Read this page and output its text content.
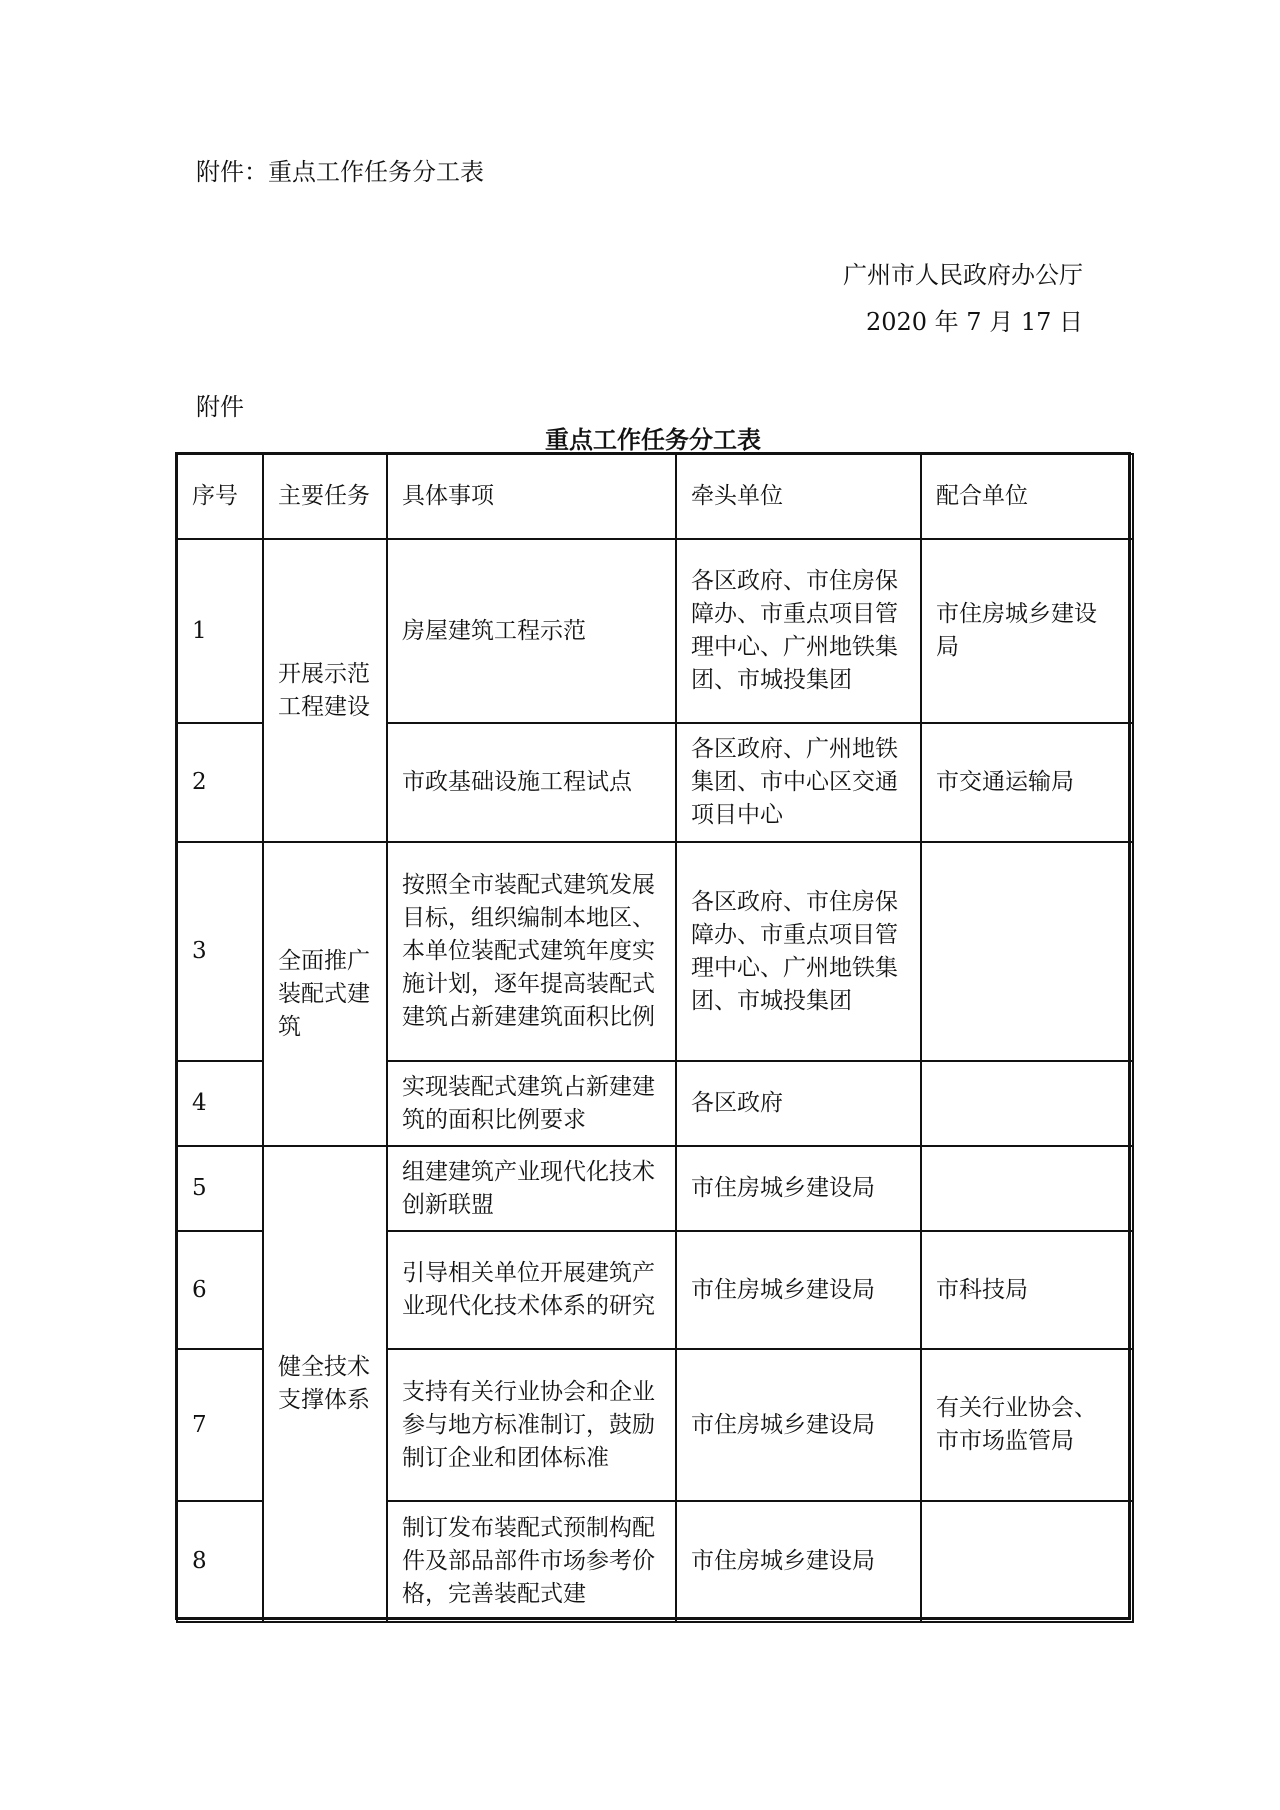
附件：重点工作任务分工表
广州市人民政府办公厅
2020 年 7 月 17 日
附件
重点工作任务分工表
序号	主要任务	具体事项	牵头单位	配合单位
1	开展示范工程建设	房屋建筑工程示范	各区政府、市住房保障办、市重点项目管理中心、广州地铁集团、市城投集团	市住房城乡建设局
2		市政基础设施工程试点	各区政府、广州地铁集团、市中心区交通项目中心	市交通运输局
3	全面推广装配式建筑	按照全市装配式建筑发展目标，组织编制本地区、本单位装配式建筑年度实施计划，逐年提高装配式建筑占新建建筑面积比例	各区政府、市住房保障办、市重点项目管理中心、广州地铁集团、市城投集团	
4		实现装配式建筑占新建建筑的面积比例要求	各区政府	
5	健全技术支撑体系	组建建筑产业现代化技术创新联盟	市住房城乡建设局	
6		引导相关单位开展建筑产业现代化技术体系的研究	市住房城乡建设局	市科技局
7		支持有关行业协会和企业参与地方标准制订，鼓励制订企业和团体标准	市住房城乡建设局	有关行业协会、市市场监管局
8		制订发布装配式预制构配件及部品部件市场参考价格，完善装配式建	市住房城乡建设局	
